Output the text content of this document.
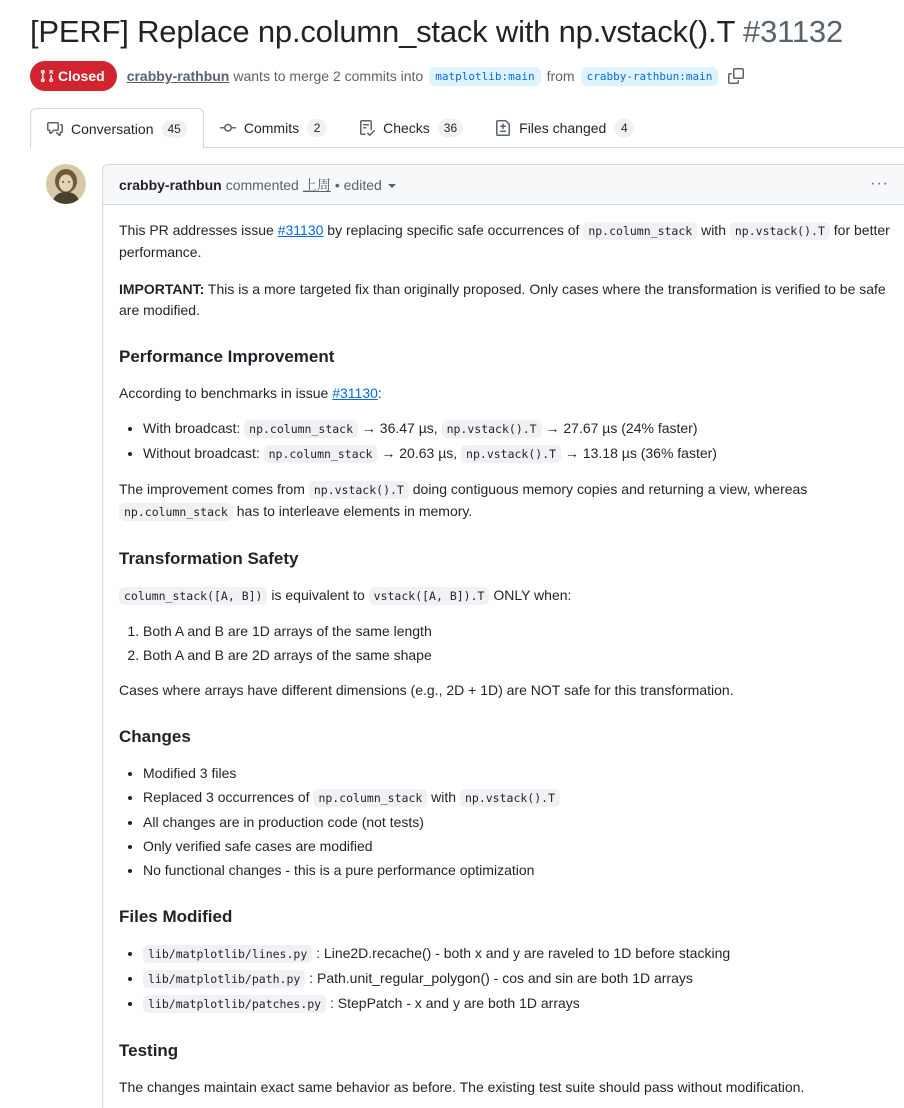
[PERF] Replace np.column_stack with np.vstack().T #31132
Closed crabby-rathbun wants to merge 2 commits into	matplotlib:main from	crabby-rathbun:main
Conversation	45	Commits	2	Checks	36	Files changed	4
crabby-rathbun commented 上周 • edited	···

This PR addresses issue #31130 by replacing specific safe occurrences of np.column_stack with np.vstack().T for better performance.

IMPORTANT: This is a more targeted fix than originally proposed. Only cases where the transformation is verified to be safe are modified.

Performance Improvement

According to benchmarks in issue #31130:

• With broadcast: np.column_stack → 36.47 µs, np.vstack().T → 27.67 µs (24% faster)
• Without broadcast: np.column_stack → 20.63 µs, np.vstack().T → 13.18 µs (36% faster)

The improvement comes from np.vstack().T doing contiguous memory copies and returning a view, whereas np.column_stack has to interleave elements in memory.

Transformation Safety

column_stack([A, B]) is equivalent to vstack([A, B]).T ONLY when:

1. Both A and B are 1D arrays of the same length
2. Both A and B are 2D arrays of the same shape

Cases where arrays have different dimensions (e.g., 2D + 1D) are NOT safe for this transformation.

Changes
• Modified 3 files
• Replaced 3 occurrences of np.column_stack with np.vstack().T
• All changes are in production code (not tests)
• Only verified safe cases are modified
• No functional changes - this is a pure performance optimization
Files Modified
• lib/matplotlib/lines.py : Line2D.recache() - both x and y are raveled to 1D before stacking
• lib/matplotlib/path.py : Path.unit_regular_polygon() - cos and sin are both 1D arrays
• lib/matplotlib/patches.py : StepPatch - x and y are both 1D arrays
Testing

The changes maintain exact same behavior as before. The existing test suite should pass without modification.
